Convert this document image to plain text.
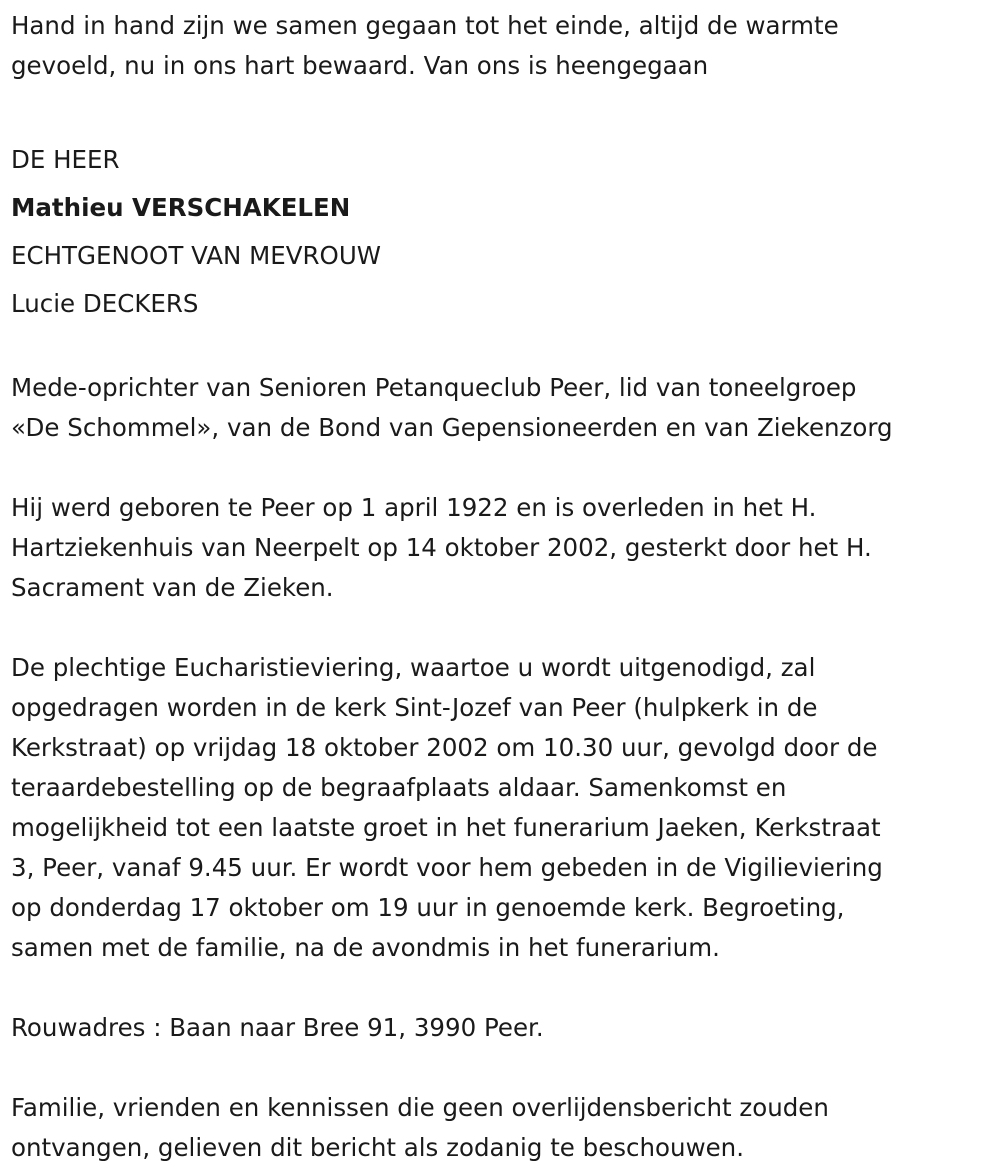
Hand in hand zijn we samen gegaan tot het einde, altijd de warmte
gevoeld, nu in ons hart bewaard. Van ons is heengegaan
DE HEER
Mathieu VERSCHAKELEN
ECHTGENOOT VAN MEVROUW
Lucie DECKERS
Mede-oprichter van Senioren Petanqueclub Peer, lid van toneelgroep
«De Schommel», van de Bond van Gepensioneerden en van Ziekenzorg
Hij werd geboren te Peer op 1 april 1922 en is overleden in het H.
Hartziekenhuis van Neerpelt op 14 oktober 2002, gesterkt door het H.
Sacrament van de Zieken.
De plechtige Eucharistieviering, waartoe u wordt uitgenodigd, zal
opgedragen worden in de kerk Sint-Jozef van Peer (hulpkerk in de
Kerkstraat) op vrijdag 18 oktober 2002 om 10.30 uur, gevolgd door de
teraardebestelling op de begraafplaats aldaar. Samenkomst en
mogelijkheid tot een laatste groet in het funerarium Jaeken, Kerkstraat
3, Peer, vanaf 9.45 uur. Er wordt voor hem gebeden in de Vigilieviering
op donderdag 17 oktober om 19 uur in genoemde kerk. Begroeting,
samen met de familie, na de avondmis in het funerarium.
Rouwadres : Baan naar Bree 91, 3990 Peer.
Familie, vrienden en kennissen die geen overlijdensbericht zouden
ontvangen, gelieven dit bericht als zodanig te beschouwen.
